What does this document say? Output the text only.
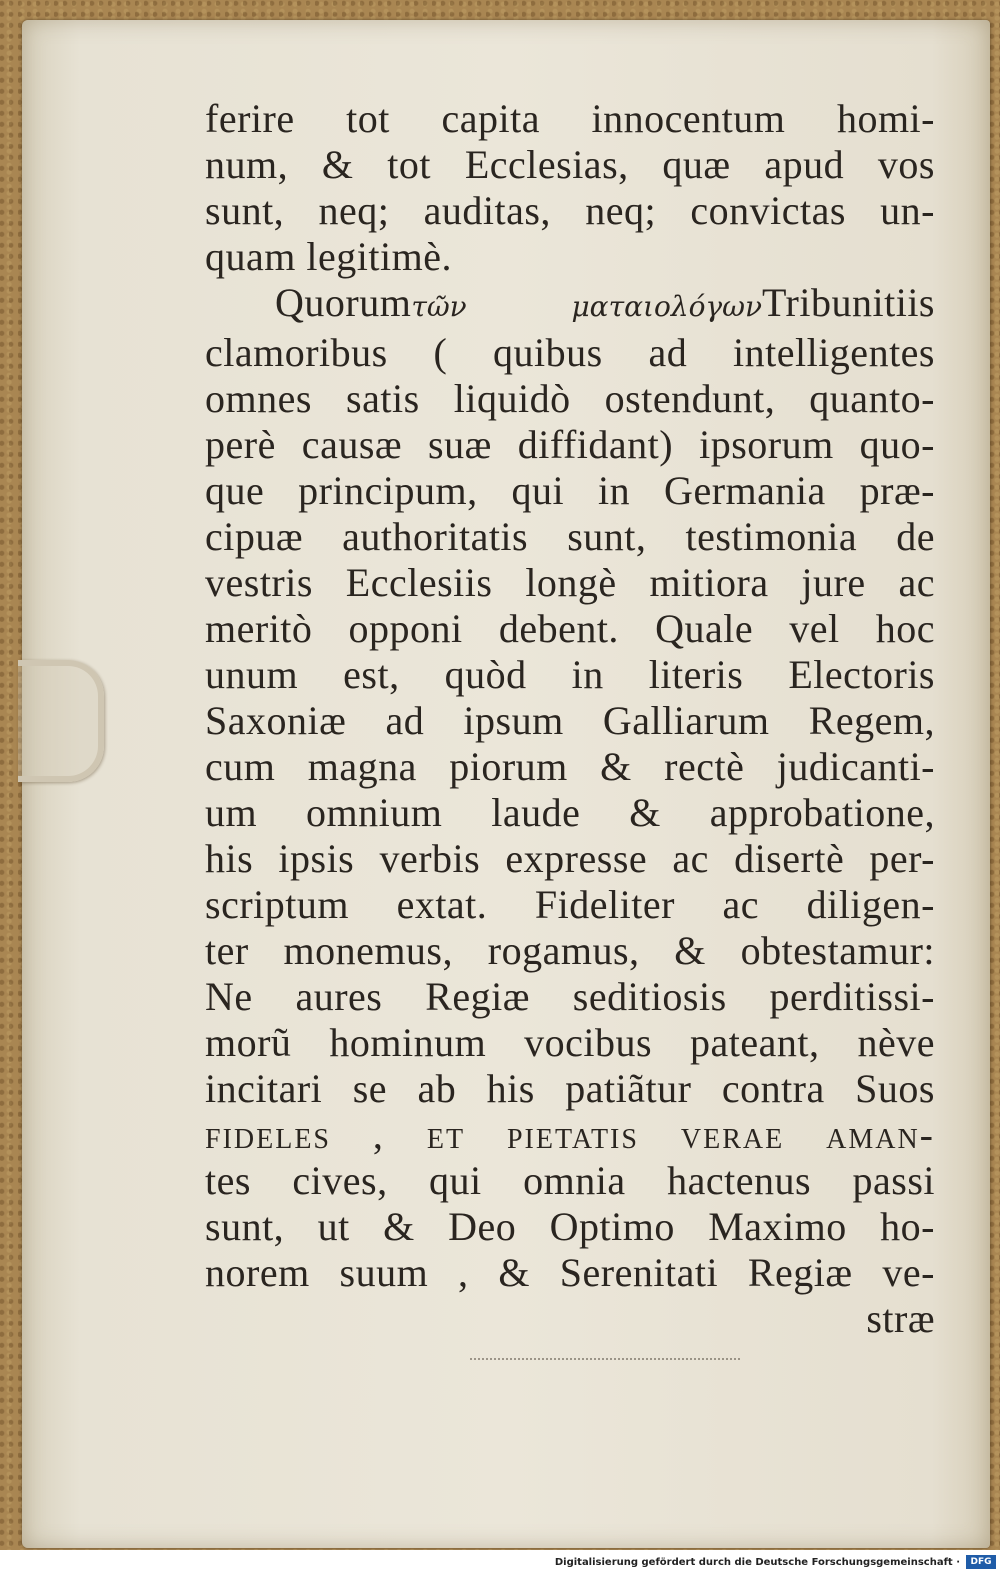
ferire tot capita innocentum homi-
num, & tot Ecclesias, quæ apud vos
sunt, neq; auditas, neq; convictas un-
quam legitimè.
Quorumτῶν ματαιολόγωνTribunitiis
clamoribus ( quibus ad intelligentes
omnes satis liquidò ostendunt, quanto-
perè causæ suæ diffidant) ipsorum quo-
que principum, qui in Germania præ-
cipuæ authoritatis sunt, testimonia de
vestris Ecclesiis longè mitiora jure ac
meritò opponi debent. Quale vel hoc
unum est, quòd in literis Electoris
Saxoniæ ad ipsum Galliarum Regem,
cum magna piorum & rectè judicanti-
um omnium laude & approbatione,
his ipsis verbis expresse ac disertè per-
scriptum extat. Fideliter ac diligen-
ter monemus, rogamus, & obtestamur:
Ne aures Regiæ seditiosis perditissi-
morũ hominum vocibus pateant, nève
incitari se ab his patiãtur contra Suos
fideles , et pietatis verae aman-
tes cives, qui omnia hactenus passi
sunt, ut & Deo Optimo Maximo ho-
norem suum , & Serenitati Regiæ ve-
stræ
Digitalisierung gefördert durch die Deutsche Forschungsgemeinschaft ·	DFG
